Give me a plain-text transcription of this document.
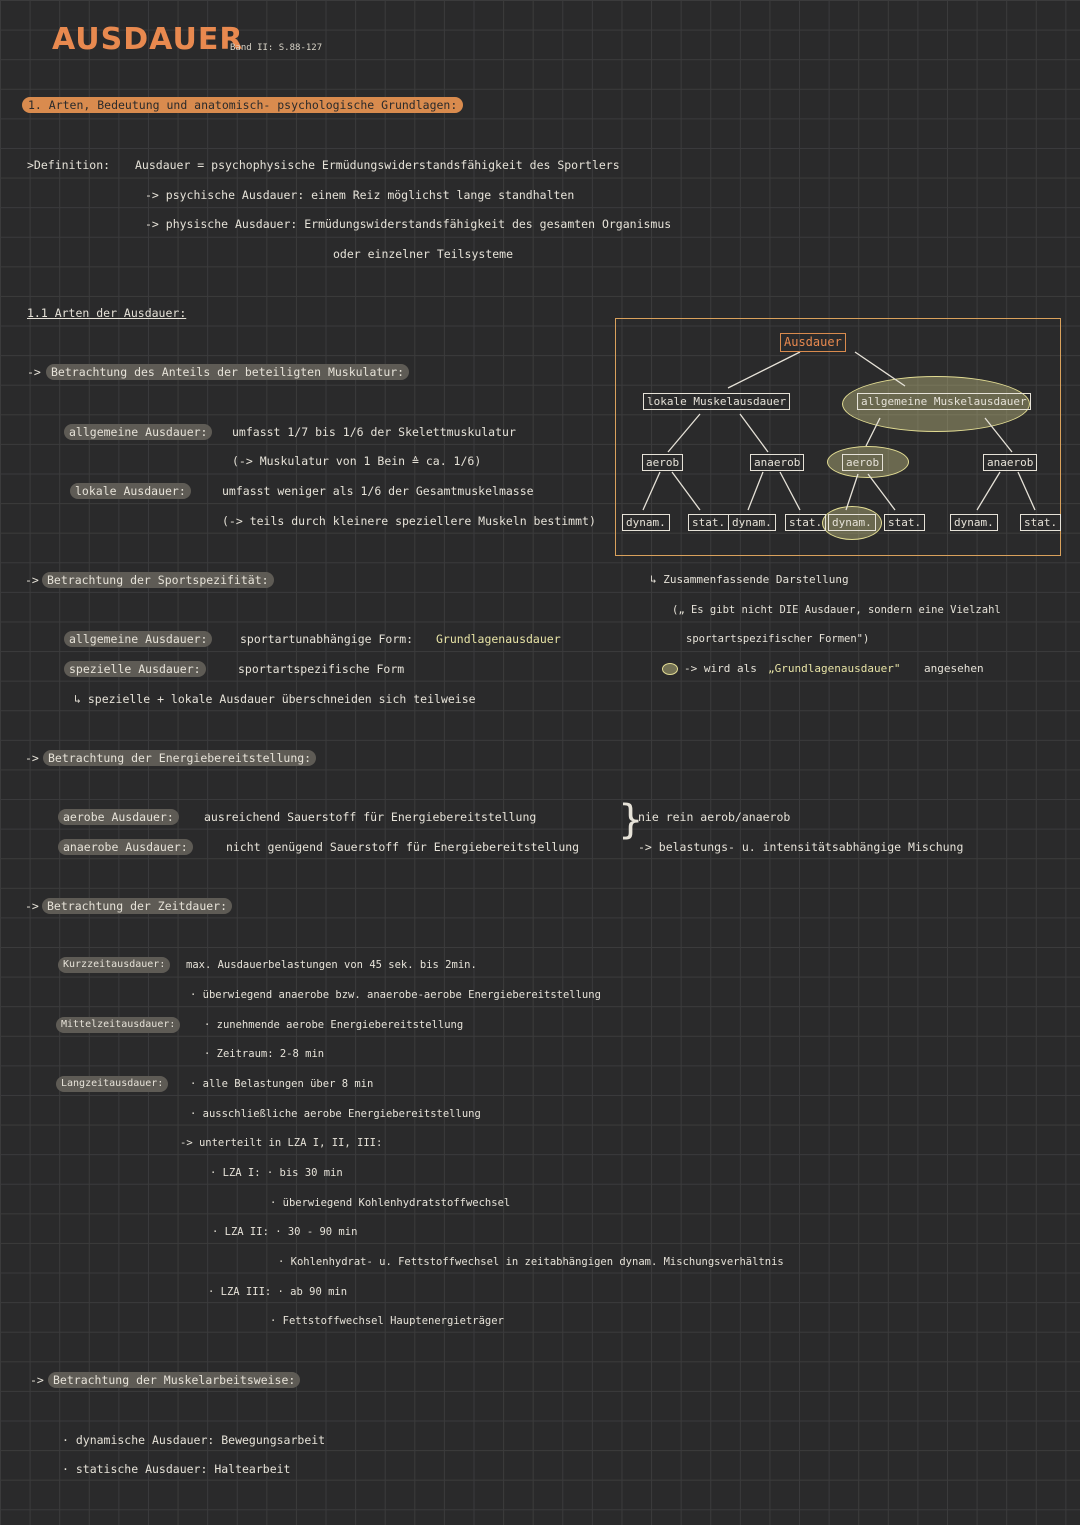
AUSDAUER
Band II: S.88-127
1. Arten, Bedeutung und anatomisch- psychologische Grundlagen:
>Definition: Ausdauer = psychophysische Ermüdungswiderstandsfähigkeit des Sportlers
-> psychische Ausdauer: einem Reiz möglichst lange standhalten
-> physische Ausdauer: Ermüdungswiderstandsfähigkeit des gesamten Organismus
oder einzelner Teilsysteme
1.1 Arten der Ausdauer:
-> Betrachtung des Anteils der beteiligten Muskulatur:
allgemeine Ausdauer:	umfasst 1/7 bis 1/6 der Skelettmuskulatur
(-> Muskulatur von 1 Bein ≙ ca. 1/6)
lokale Ausdauer:	umfasst weniger als 1/6 der Gesamtmuskelmasse
(-> teils durch kleinere speziellere Muskeln bestimmt)
-> Betrachtung der Sportspezifität:
allgemeine Ausdauer:	sportartunabhängige Form: Grundlagenausdauer
spezielle Ausdauer:	sportartspezifische Form
↳ spezielle + lokale Ausdauer überschneiden sich teilweise
-> Betrachtung der Energiebereitstellung:
aerobe Ausdauer:	ausreichend Sauerstoff für Energiebereitstellung
anaerobe Ausdauer:	nicht genügend Sauerstoff für Energiebereitstellung
}
nie rein aerob/anaerob
-> belastungs- u. intensitätsabhängige Mischung
-> Betrachtung der Zeitdauer:
Kurzzeitausdauer:	max. Ausdauerbelastungen von 45 sek. bis 2min.
· überwiegend anaerobe bzw. anaerobe-aerobe Energiebereitstellung
Mittelzeitausdauer:	· zunehmende aerobe Energiebereitstellung
· Zeitraum: 2-8 min
Langzeitausdauer:	· alle Belastungen über 8 min
· ausschließliche aerobe Energiebereitstellung
-> unterteilt in LZA I, II, III:
· LZA I: · bis 30 min
· überwiegend Kohlenhydratstoffwechsel
· LZA II: · 30 - 90 min
· Kohlenhydrat- u. Fettstoffwechsel in zeitabhängigen dynam. Mischungsverhältnis
· LZA III: · ab 90 min
· Fettstoffwechsel Hauptenergieträger
-> Betrachtung der Muskelarbeitsweise:
· dynamische Ausdauer: Bewegungsarbeit
· statische Ausdauer: Haltearbeit
Ausdauer
lokale Muskelausdauer	allgemeine Muskelausdauer
aerob	anaerob	aerob	anaerob
dynam.	stat. dynam.	stat. dynam.	stat.	dynam.	stat.
↳ Zusammenfassende Darstellung
(„ Es gibt nicht DIE Ausdauer, sondern eine Vielzahl
sportartspezifischer Formen")
-> wird als „Grundlagenausdauer" angesehen
